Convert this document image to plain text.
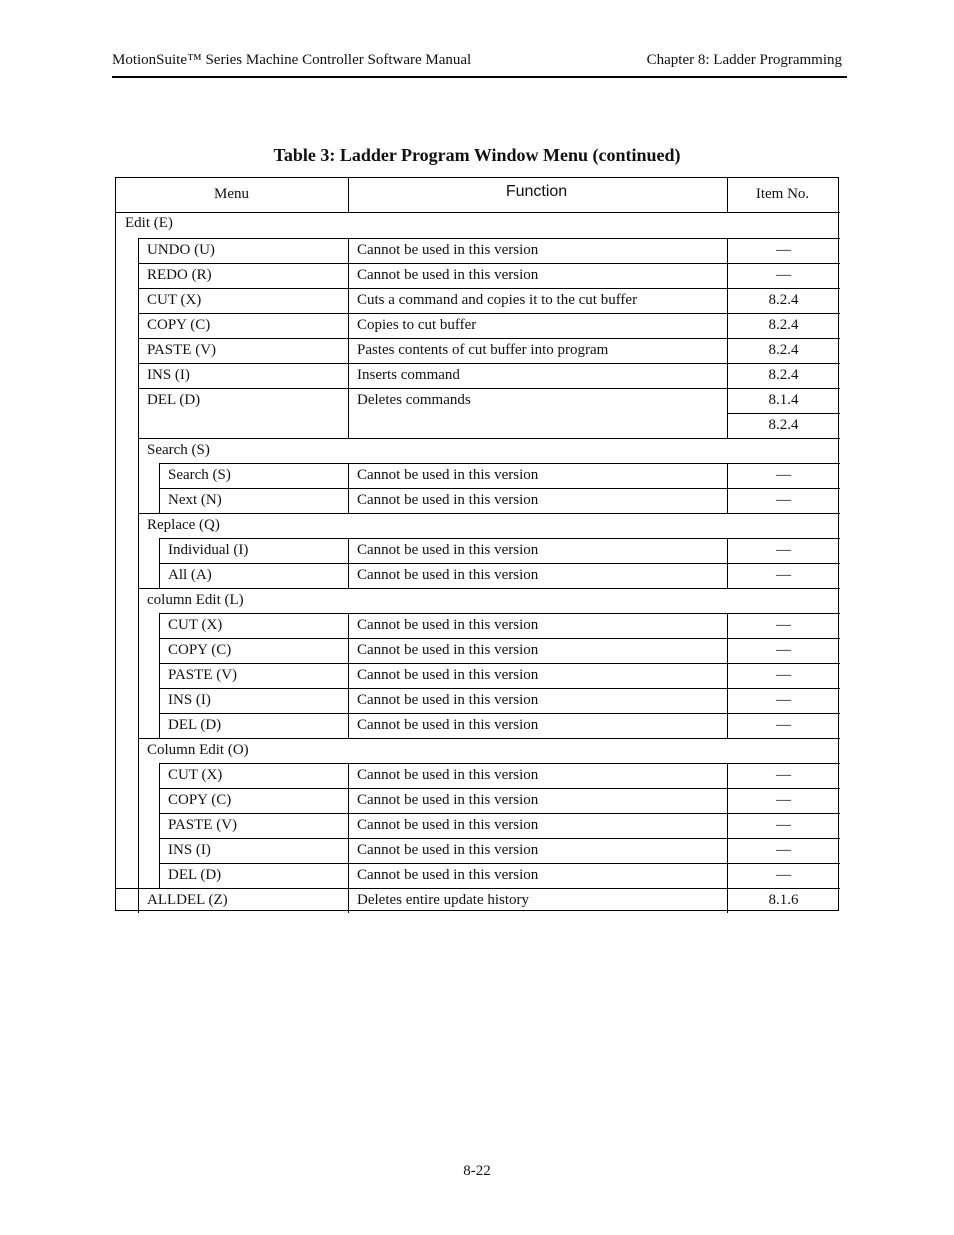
MotionSuite™ Series Machine Controller Software Manual	Chapter 8: Ladder Programming
Table 3: Ladder Program Window Menu (continued)
Menu	Function	Item No.
Edit (E)
UNDO (U)	Cannot be used in this version	—
REDO (R)	Cannot be used in this version	—
CUT (X)	Cuts a command and copies it to the cut buffer	8.2.4
COPY (C)	Copies to cut buffer	8.2.4
PASTE (V)	Pastes contents of cut buffer into program	8.2.4
INS (I)	Inserts command	8.2.4
DEL (D)	Deletes commands	8.1.4
8.2.4
Search (S)
Search (S)	Cannot be used in this version	—
Next (N)	Cannot be used in this version	—
Replace (Q)
Individual (I)	Cannot be used in this version	—
All (A)	Cannot be used in this version	—
column Edit (L)
CUT (X)	Cannot be used in this version	—
COPY (C)	Cannot be used in this version	—
PASTE (V)	Cannot be used in this version	—
INS (I)	Cannot be used in this version	—
DEL (D)	Cannot be used in this version	—
Column Edit (O)
CUT (X)	Cannot be used in this version	—
COPY (C)	Cannot be used in this version	—
PASTE (V)	Cannot be used in this version	—
INS (I)	Cannot be used in this version	—
DEL (D)	Cannot be used in this version	—
ALLDEL (Z)	Deletes entire update history	8.1.6
8-22
